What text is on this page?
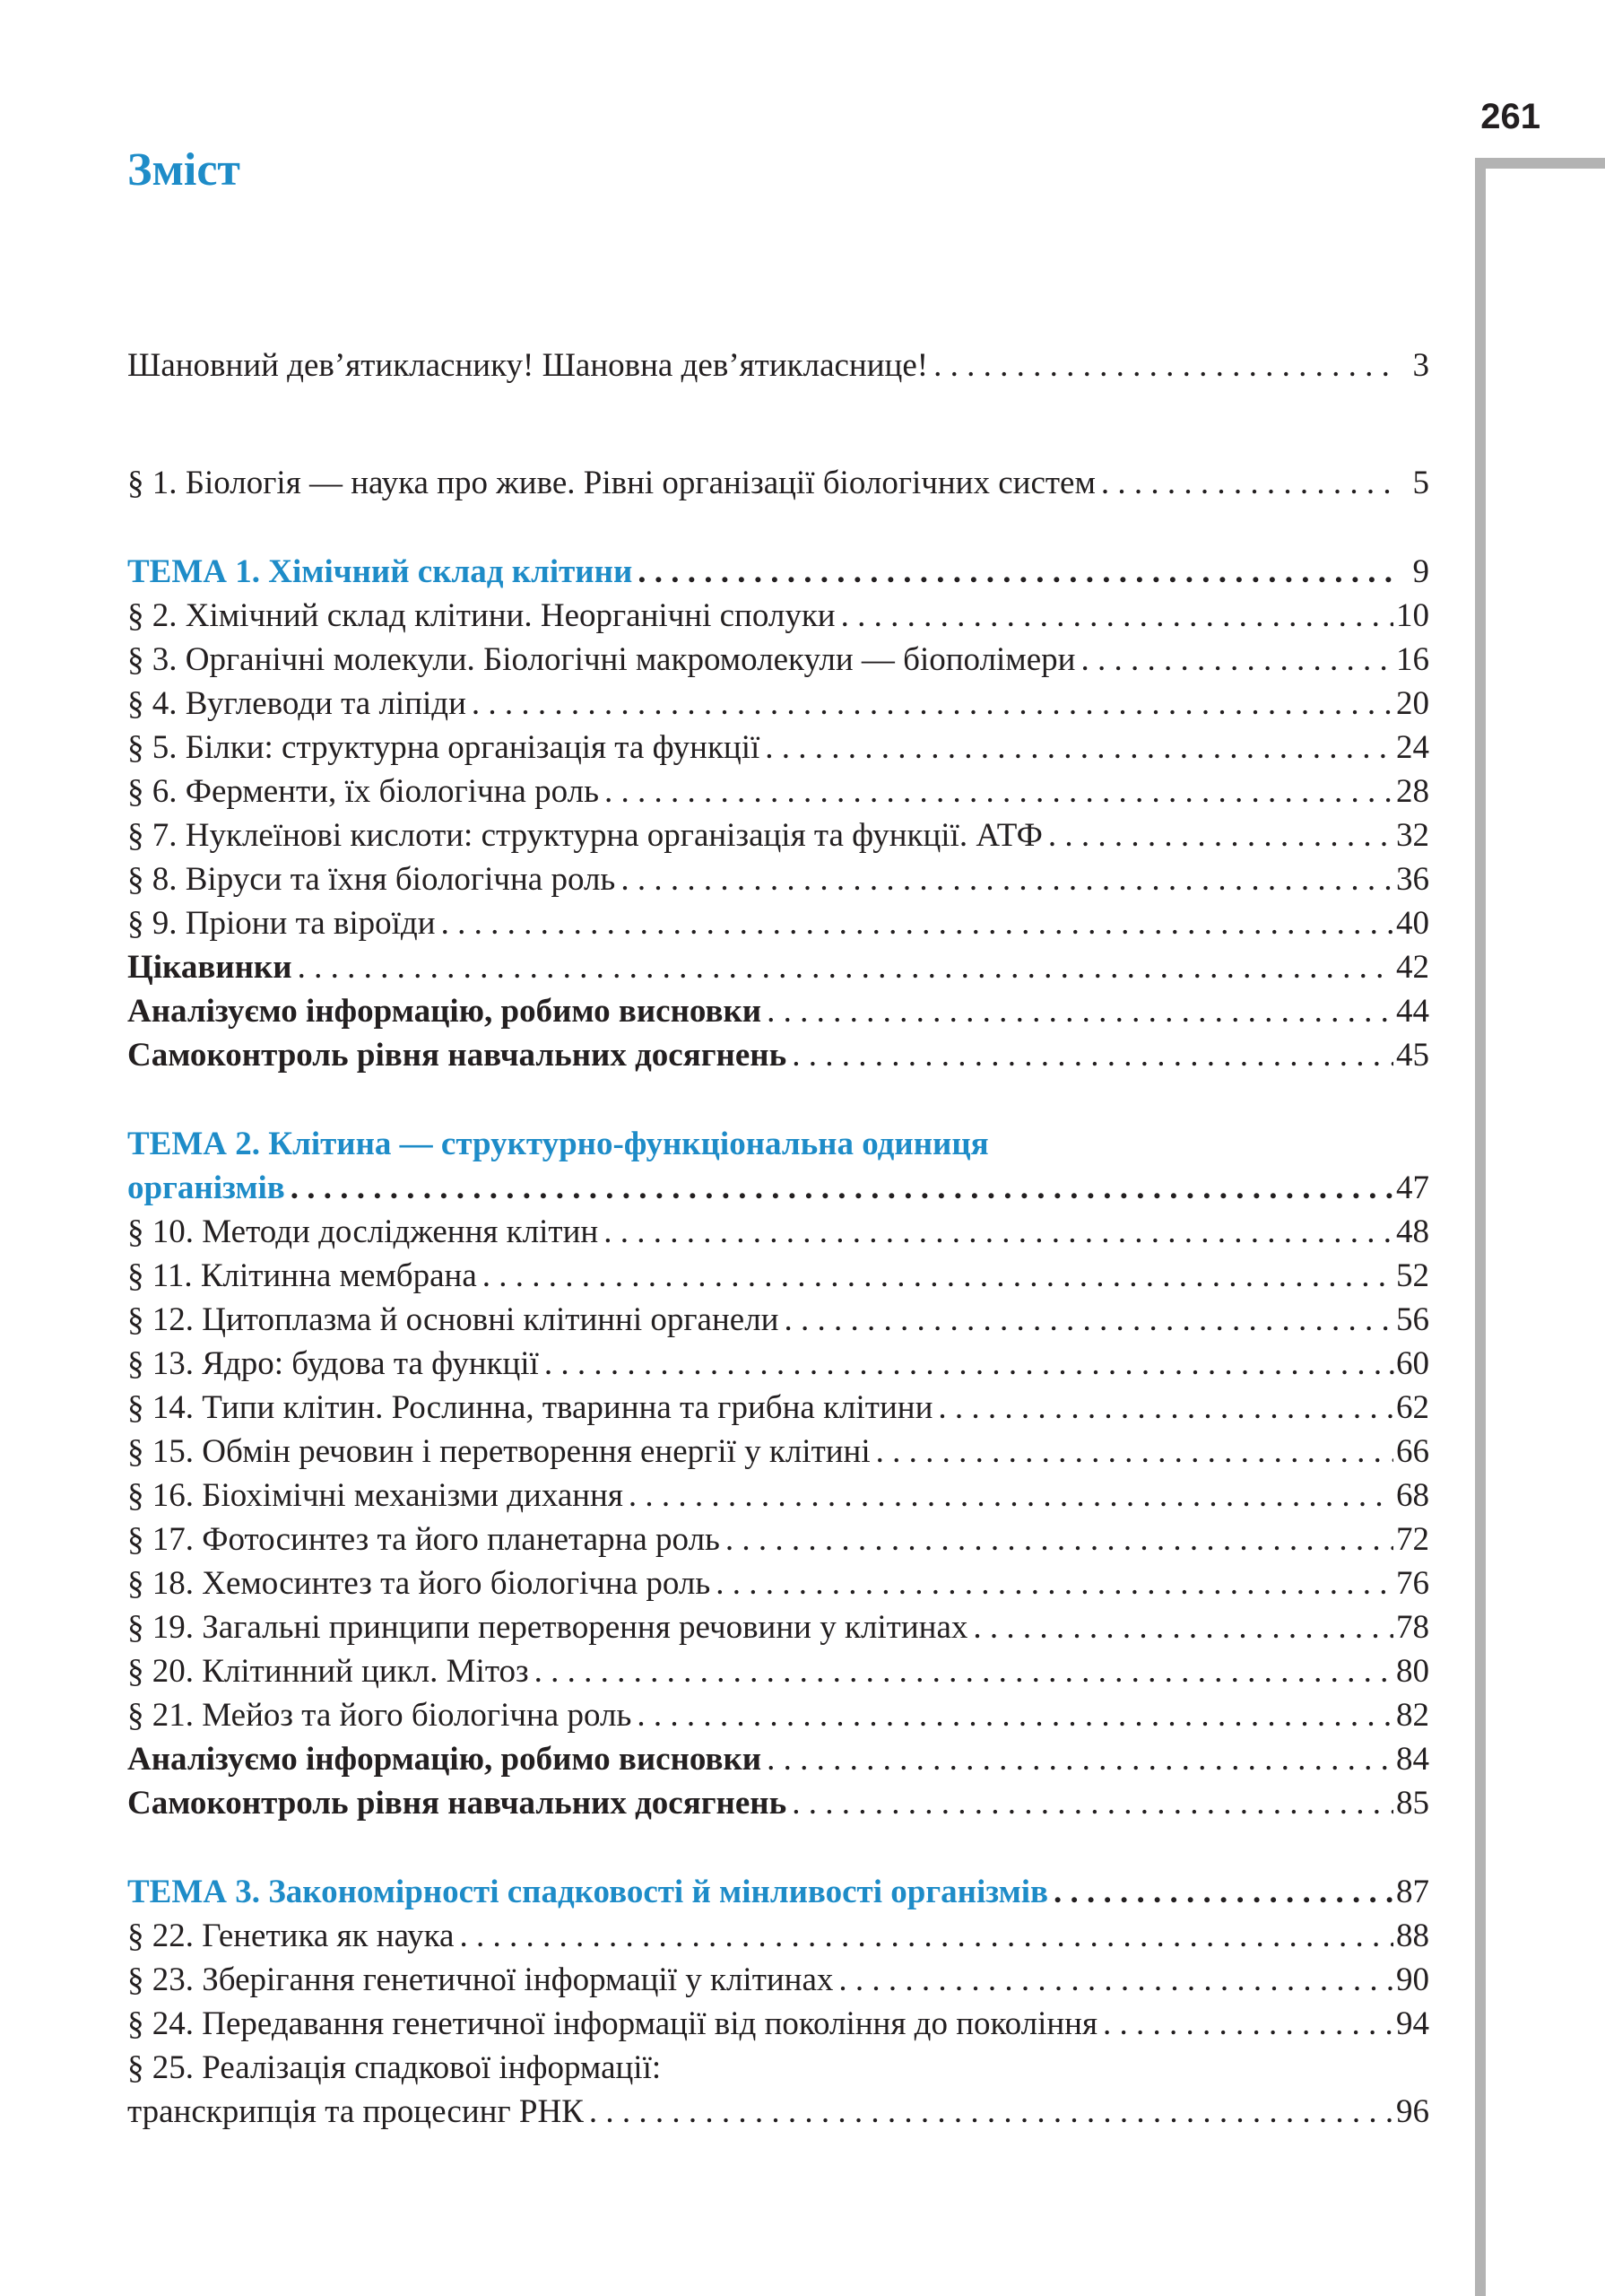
261
Зміст
Шановний дев’ятикласнику! Шановна дев’ятикласнице! . . .	3
§ 1. Біологія — наука про живе. Рівні організації біологічних систем . . .	5
ТЕМА 1. Хімічний склад клітини . . .	9
§ 2. Хімічний склад клітини. Неорганічні сполуки . . .	10
§ 3. Органічні молекули. Біологічні макромолекули — біополімери . . .	16
§ 4. Вуглеводи та ліпіди . . .	20
§ 5. Білки: структурна організація та функції . . .	24
§ 6. Ферменти, їх біологічна роль . . .	28
§ 7. Нуклеїнові кислоти: структурна організація та функції. АТФ . . .	32
§ 8. Віруси та їхня біологічна роль . . .	36
§ 9. Пріони та віроїди . . .	40
Цікавинки . . .	42
Аналізуємо інформацію, робимо висновки . . .	44
Самоконтроль рівня навчальних досягнень . . .	45
ТЕМА 2. Клітина — структурно-функціональна одиниця
організмів . . .	47
§ 10. Методи дослідження клітин . . .	48
§ 11. Клітинна мембрана . . .	52
§ 12. Цитоплазма й основні клітинні органели . . .	56
§ 13. Ядро: будова та функції . . .	.60
§ 14. Типи клітин. Рослинна, тваринна та грибна клітини . . .	62
§ 15. Обмін речовин і перетворення енергії у клітині . . .	66
§ 16. Біохімічні механізми дихання . . .	68
§ 17. Фотосинтез та його планетарна роль . . .	72
§ 18. Хемосинтез та його біологічна роль . . .	76
§ 19. Загальні принципи перетворення речовини у клітинах . . .	78
§ 20. Клітинний цикл. Мітоз . . .	80
§ 21. Мейоз та його біологічна роль . . .	82
Аналізуємо інформацію, робимо висновки . . .	84
Самоконтроль рівня навчальних досягнень . . .	85
ТЕМА 3. Закономірності спадковості й мінливості організмів . . .	87
§ 22. Генетика як наука . . .	88
§ 23. Зберігання генетичної інформації у клітинах . . .	90
§ 24. Передавання генетичної інформації від покоління до покоління . . .	94
§ 25. Реалізація спадкової інформації:
транскрипція та процесинг РНК . . .	96
